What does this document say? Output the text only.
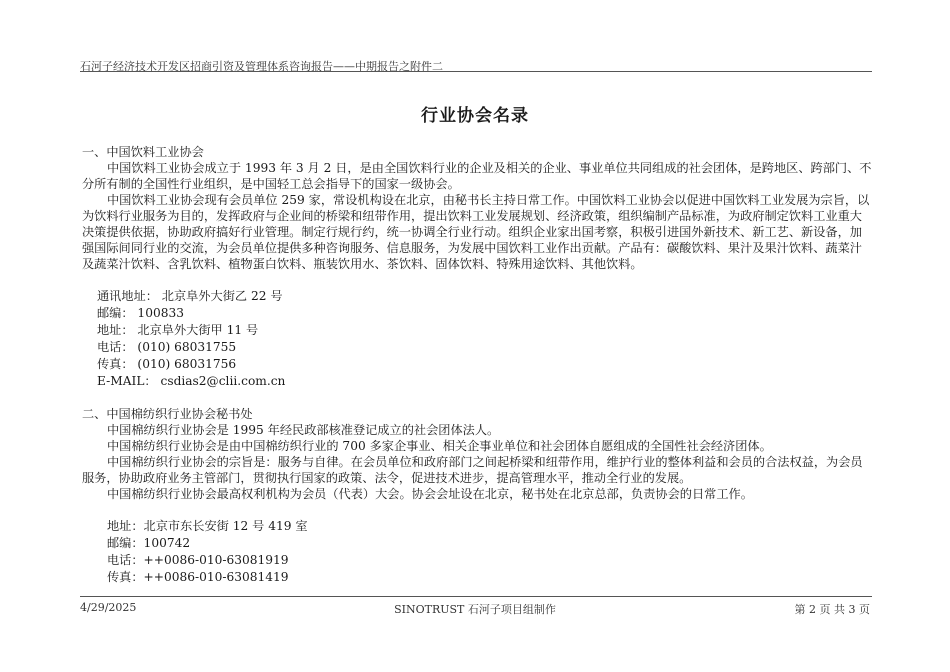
石河子经济技术开发区招商引资及管理体系咨询报告——中期报告之附件二
行业协会名录

一、中国饮料工业协会

中国饮料工业协会成立于 1993 年 3 月 2 日，是由全国饮料行业的企业及相关的企业、事业单位共同组成的社会团体，是跨地区、跨部门、不分所有制的全国性行业组织，是中国轻工总会指导下的国家一级协会。

中国饮料工业协会现有会员单位 259 家，常设机构设在北京，由秘书长主持日常工作。中国饮料工业协会以促进中国饮料工业发展为宗旨，以为饮料行业服务为目的，发挥政府与企业间的桥梁和纽带作用，提出饮料工业发展规划、经济政策，组织编制产品标准，为政府制定饮料工业重大决策提供依据，协助政府搞好行业管理。制定行规行约，统一协调全行业行动。组织企业家出国考察，积极引进国外新技术、新工艺、新设备，加强国际间同行业的交流，为会员单位提供多种咨询服务、信息服务，为发展中国饮料工业作出贡献。产品有：碳酸饮料、果汁及果汁饮料、蔬菜汁及蔬菜汁饮料、含乳饮料、植物蛋白饮料、瓶装饮用水、茶饮料、固体饮料、特殊用途饮料、其他饮料。

通讯地址： 北京阜外大街乙 22 号
邮编： 100833
地址： 北京阜外大街甲 11 号
电话： (010) 68031755
传真： (010) 68031756
E-MAIL： csdias2@clii.com.cn

二、中国棉纺织行业协会秘书处

中国棉纺织行业协会是 1995 年经民政部核准登记成立的社会团体法人。

中国棉纺织行业协会是由中国棉纺织行业的 700 多家企事业、相关企事业单位和社会团体自愿组成的全国性社会经济团体。

中国棉纺织行业协会的宗旨是：服务与自律。在会员单位和政府部门之间起桥梁和纽带作用，维护行业的整体利益和会员的合法权益，为会员服务，协助政府业务主管部门，贯彻执行国家的政策、法令，促进技术进步，提高管理水平，推动全行业的发展。

中国棉纺织行业协会最高权利机构为会员（代表）大会。协会会址设在北京，秘书处在北京总部，负责协会的日常工作。

地址：北京市东长安街 12 号 419 室
邮编：100742
电话：++0086-010-63081919
传真：++0086-010-63081419
4/29/2025	SINOTRUST 石河子项目组制作	第 2 页 共 3 页
